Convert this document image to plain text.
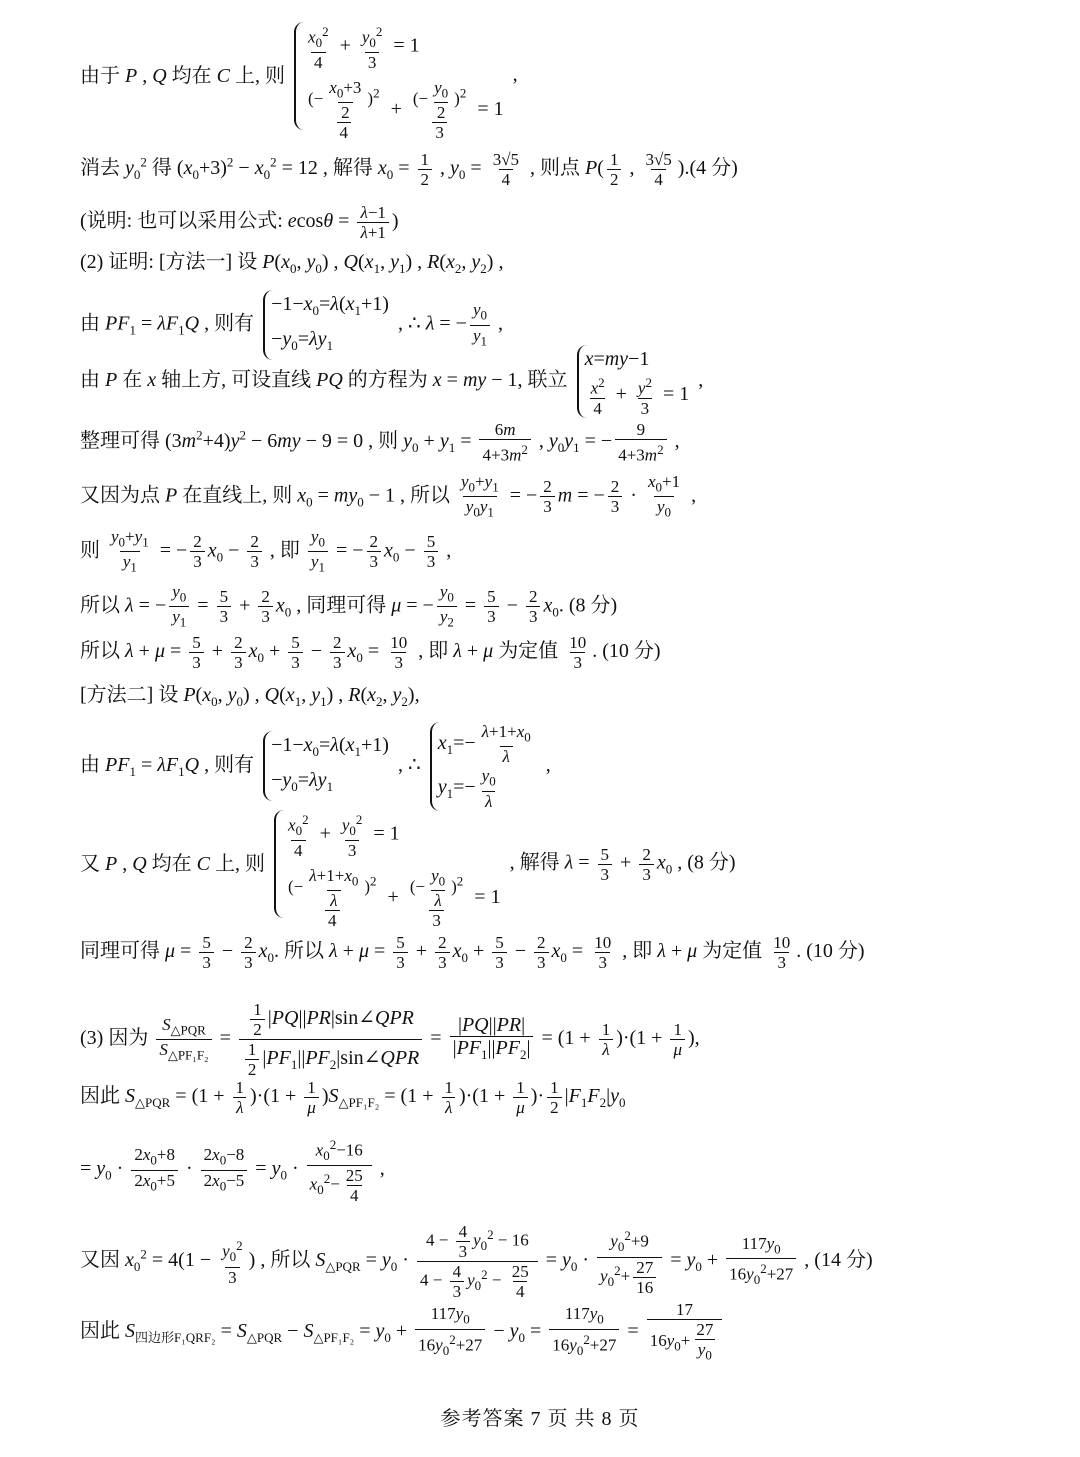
由于 P , Q 均在 C 上, 则
$\frac{x_0^2}{4} + \frac{y_0^2}{3} = 1$
$\frac{(- \frac{x_0+3}{2} )^2}{4} + \frac{(- \frac{y_0}{2} )^2}{3} = 1$
,
消去 $y_0^2$ 得 $(x_0+3)^2 - x_0^2 = 12$ , 解得 $x_0 = \frac{1}{2}$ , $y_0 = \frac{3√5}{4}$ , 则点 $P( \frac{1}{2}$ , $\frac{3√5}{4} ).(4$ 分)
(说明: 也可以采用公式: $ecos\theta = \frac{\lambda-1}{\lambda+1}$ )
(2) 证明: [方法一] 设 $P(x_0$, $y_0$) , $Q(x_1$, $y_1$) , $R(x_2$, $y_2$) ,
由 $PF_1 = \lambda F_1Q$ , 则有
$-1-x_0=\lambda(x_1+1)$
$-y_0=\lambda y_1$
, ∴ λ = − $\frac{y_0}{y_1}$ ,
由 P 在 x 轴上方, 可设直线 PQ 的方程为 x = my − 1, 联立
x=my−1
$\frac{x^2}{4} + \frac{y^2}{3} = 1$
,
整理可得 $(3m^2+4)y^2 - 6my - 9 = 0$ , 则 $y_0 + y_1 = \frac{6m}{4+3m^2}$ , $y_0y_1$ = − $\frac{9}{4+3m^2}$ ,
又因为点 P 在直线上, 则 $x_0 = my_0 - 1$ , 所以 $\frac{y_0+y_1}{y_0y_1}$ = − $\frac{2}{3}$ m = − $\frac{2}{3} \cdot \frac{x_0+1}{y_0}$ ,
则 $\frac{y_0+y_1}{y_1}$ = − $\frac{2}{3} x_0 - \frac{2}{3}$ , 即 $\frac{y_0}{y_1}$ = − $\frac{2}{3} x_0 - \frac{5}{3}$ ,
所以 λ = − $\frac{y_0}{y_1} = \frac{5}{3} + \frac{2}{3} x_0$ , 同理可得 μ = − $\frac{y_0}{y_2} = \frac{5}{3} - \frac{2}{3} x_0$. (8 分)
所以 $\lambda + \mu = \frac{5}{3} + \frac{2}{3} x_0 + \frac{5}{3} - \frac{2}{3} x_0 = \frac{10}{3}$ , 即 λ + μ 为定值 $\frac{10}{3}$ . (10 分)
[方法二] 设 $P(x_0$, $y_0$) , $Q(x_1$, $y_1$) , $R(x_2$, $y_2$),
由 $PF_1 = \lambda F_1Q$ , 则有
$-1-x_0=\lambda(x_1+1)$
$-y_0=\lambda y_1$
, ∴
$x_1=- \frac{\lambda+1+x_0}{\lambda}$
$y_1=- \frac{y_0}{\lambda}$
,
又 P , Q 均在 C 上, 则
$\frac{x_0^2}{4} + \frac{y_0^2}{3} = 1$
$\frac{(- \frac{\lambda+1+x_0}{\lambda} )^2}{4} + \frac{(- \frac{y_0}{\lambda} )^2}{3} = 1$
, 解得 $\lambda = \frac{5}{3} + \frac{2}{3} x_0$ , (8 分)
同理可得 $\mu = \frac{5}{3} - \frac{2}{3} x_0$. 所以 $\lambda + \mu = \frac{5}{3} + \frac{2}{3} x_0 + \frac{5}{3} - \frac{2}{3} x_0 = \frac{10}{3}$ , 即 λ + μ 为定值 $\frac{10}{3}$ . (10 分)
(3) 因为
$S_{\triangle PQR}$
$S_{\triangle PF_1F_2}$
= $\frac{1}{2}$ |PQ||PR|sin∠QPR
$\frac{1}{2}$ $|PF_1||PF_2|\sin\angle QPR$
= $\frac{|PQ||PR|}{|PF_1||PF_2|} = (1 + \frac{1}{\lambda} )\cdot(1 + \frac{1}{\mu}$ ),
因此 $S_{\triangle PQR} = (1 + \frac{1}{\lambda} )\cdot(1 + \frac{1}{\mu} )S_{\triangle PF_1F_2} = (1 + \frac{1}{\lambda} )\cdot(1 + \frac{1}{\mu}$ )· $\frac{1}{2} |F_1F_2|y_0$
= $y_0 \cdot \frac{2x_0+8}{2x_0+5} \cdot \frac{2x_0-8}{2x_0-5} = y_0 \cdot \frac{x_0^2-16}{x_0^2- \frac{25}{4}}$ ,
又因 $x_0^2 = 4(1 - \frac{y_0^2}{3}$ ) , 所以 $S_{\triangle PQR} = y_0 \cdot \frac{4 - \frac{4}{3} y_0^2 - 16}{4 - \frac{4}{3} y_0^2 - \frac{25}{4}} = y_0 \cdot \frac{y_0^2+9}{y_0^2+ \frac{27}{16}} = y_0 + \frac{117y_0}{16y_0^2+27}$ , (14 分)
因此 $S_{四边形F_1QRF_2} = S_{\triangle PQR} - S_{\triangle PF_1F_2} = y_0 + \frac{117y_0}{16y_0^2+27} - y_0 = \frac{117y_0}{16y_0^2+27} = \frac{17}{16y_0+ \frac{27}{y_0}}$
参考答案 7 页 共 8 页
